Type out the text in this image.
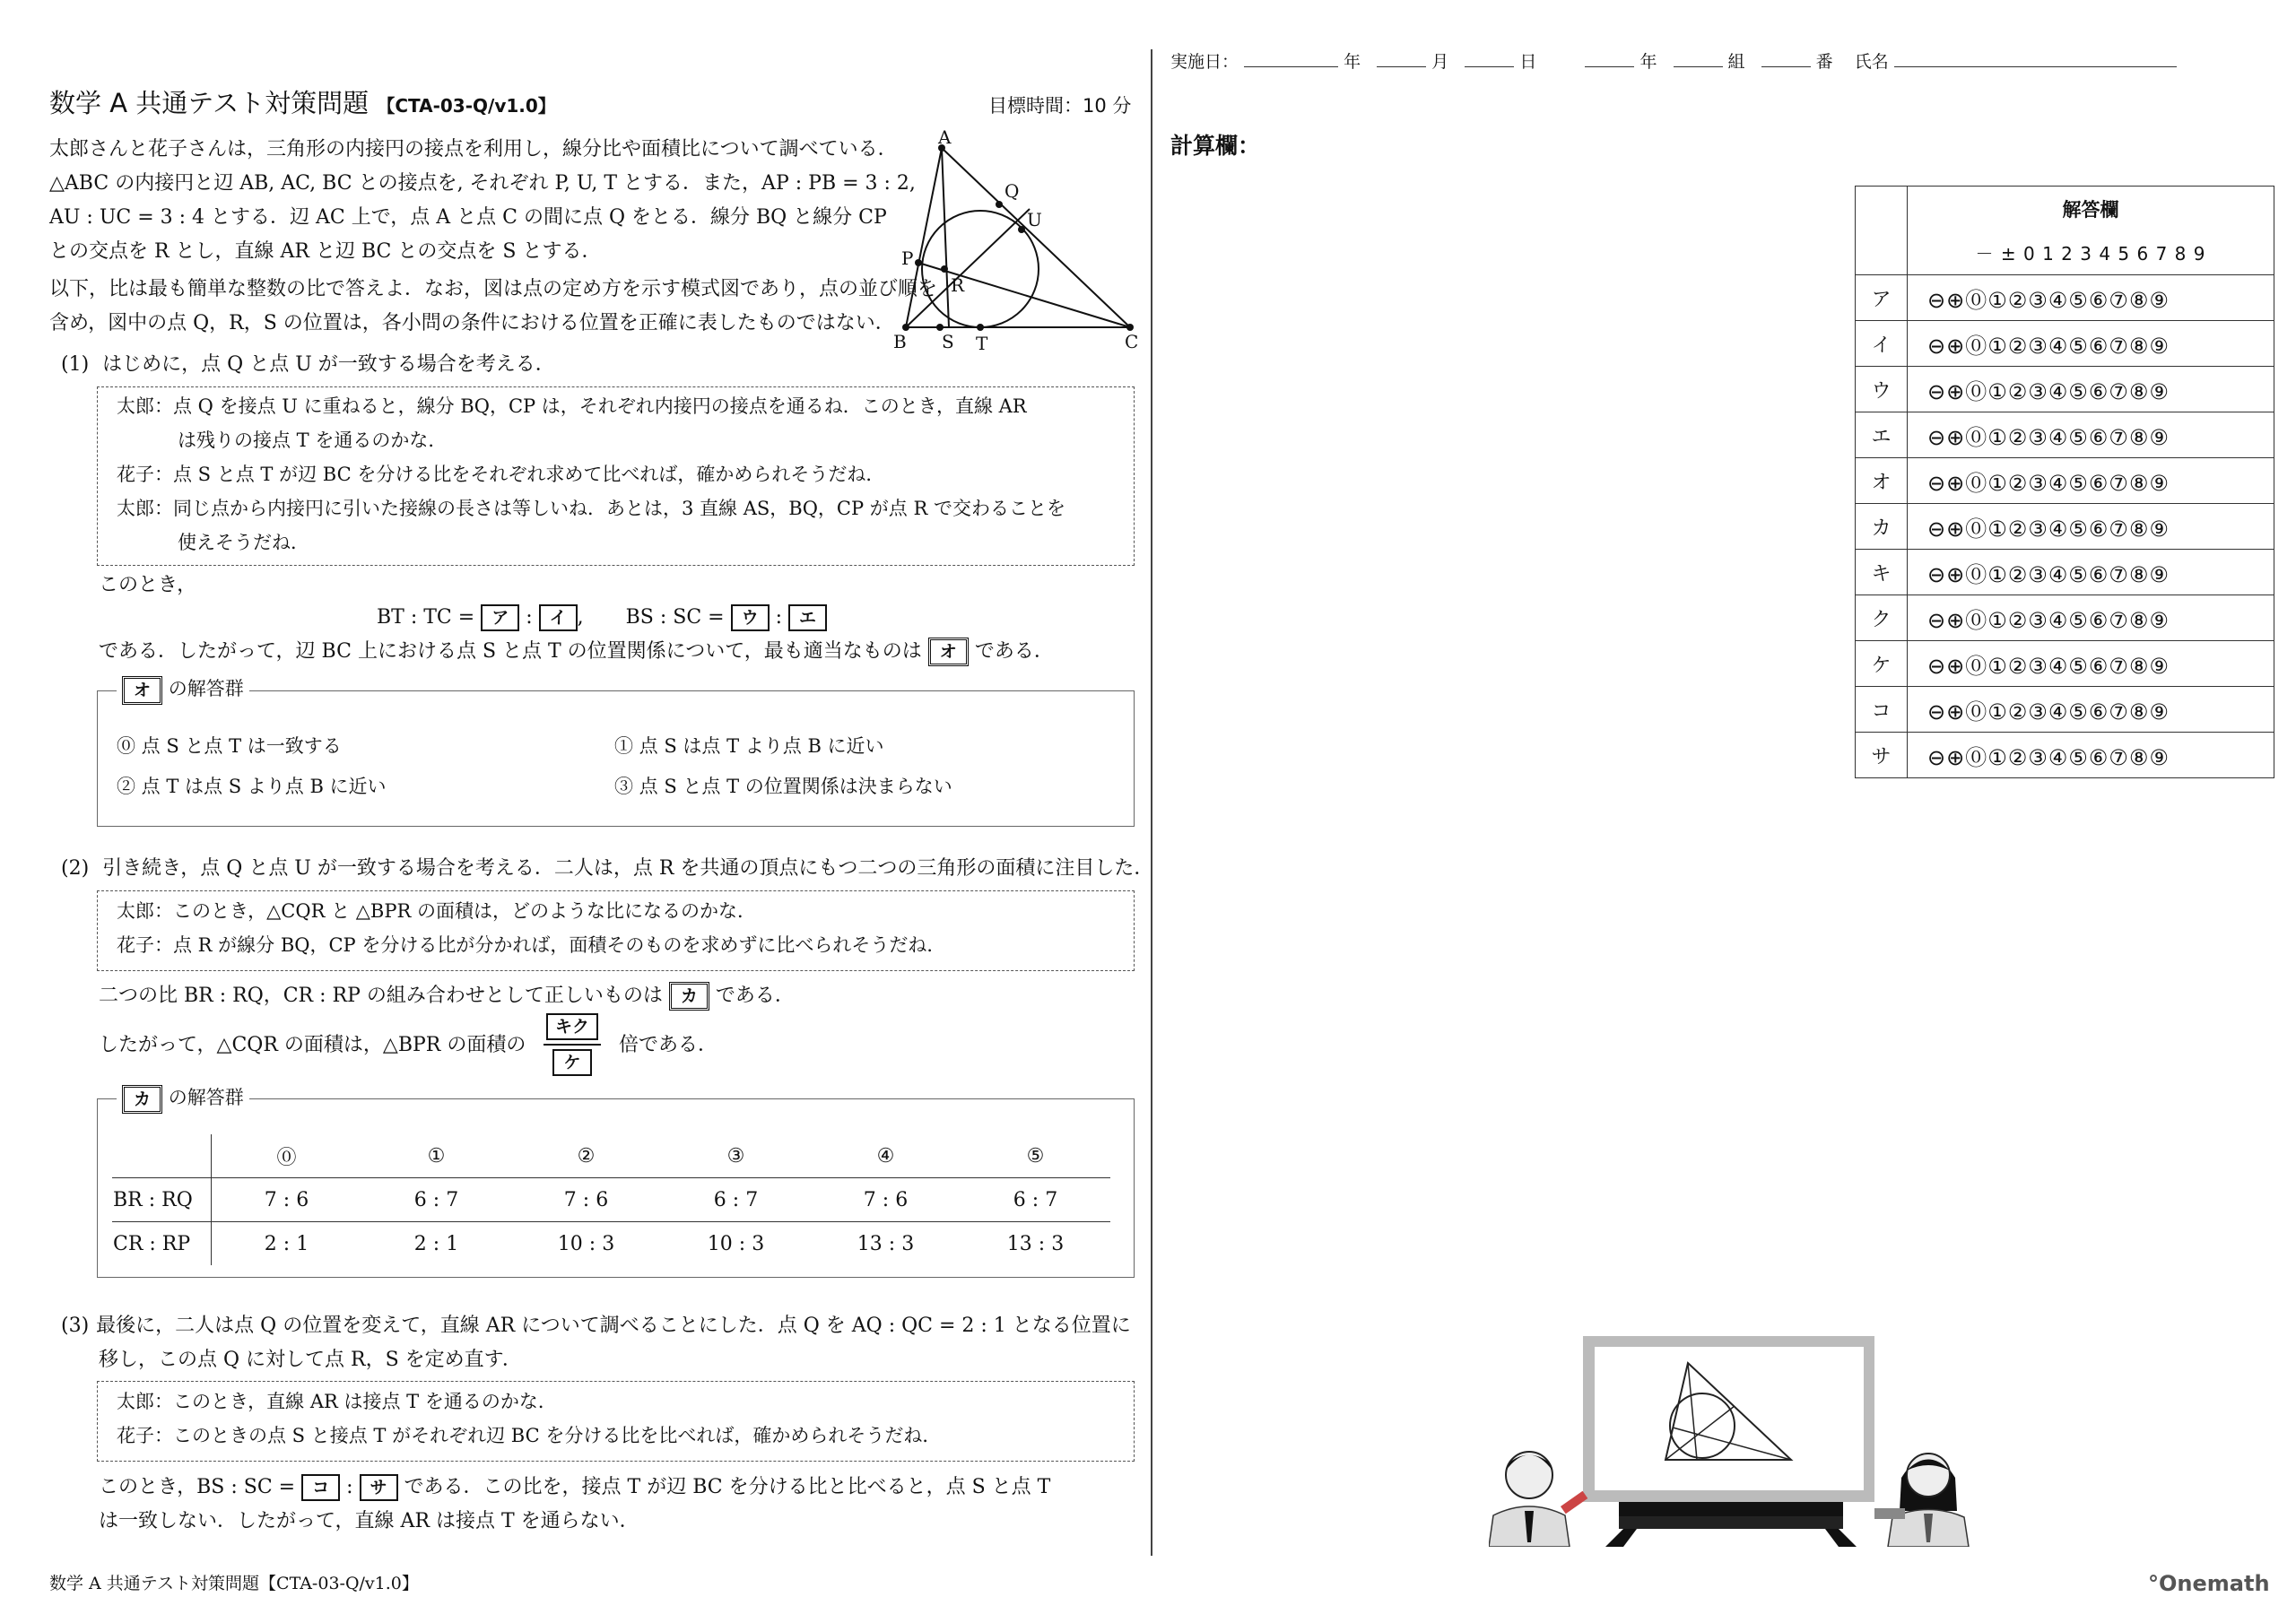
数学 A 共通テスト対策問題 【CTA-03-Q/v1.0】	目標時間：10 分
太郎さんと花子さんは，三角形の内接円の接点を利用し，線分比や面積比について調べている．
△ABC の内接円と辺 AB, AC, BC との接点を, それぞれ P, U, T とする．また，AP : PB = 3 : 2,
AU : UC = 3 : 4 とする．辺 AC 上で，点 A と点 C の間に点 Q をとる．線分 BQ と線分 CP
との交点を R とし，直線 AR と辺 BC との交点を S とする．
以下，比は最も簡単な整数の比で答えよ．なお，図は点の定め方を示す模式図であり，点の並び順を
含め，図中の点 Q，R，S の位置は，各小問の条件における位置を正確に表したものではない．
A
B	C
P
Q
U
R
S T
(1) はじめに，点 Q と点 U が一致する場合を考える．
太郎：点 Q を接点 U に重ねると，線分 BQ，CP は，それぞれ内接円の接点を通るね．このとき，直線 AR
は残りの接点 T を通るのかな．
花子：点 S と点 T が辺 BC を分ける比をそれぞれ求めて比べれば，確かめられそうだね．
太郎：同じ点から内接円に引いた接線の長さは等しいね．あとは，3 直線 AS，BQ，CP が点 R で交わることを
使えそうだね．
このとき，
BT : TC = ア : イ , BS : SC = ウ : エ
である．したがって，辺 BC 上における点 S と点 T の位置関係について，最も適当なものは オ である．
オ の解答群
⓪ 点 S と点 T は一致する	① 点 S は点 T より点 B に近い
② 点 T は点 S より点 B に近い	③ 点 S と点 T の位置関係は決まらない
(2) 引き続き，点 Q と点 U が一致する場合を考える．二人は，点 R を共通の頂点にもつ二つの三角形の面積に注目した．
太郎：このとき，△CQR と △BPR の面積は，どのような比になるのかな．
花子：点 R が線分 BQ，CP を分ける比が分かれば，面積そのものを求めずに比べられそうだね．
二つの比 BR : RQ，CR : RP の組み合わせとして正しいものは カ である．
したがって，△CQR の面積は，△BPR の面積の
キク
ケ
倍である．
カ の解答群
	⓪	①	②	③	④	⑤
BR : RQ	7 : 6	6 : 7	7 : 6	6 : 7	7 : 6	6 : 7
CR : RP	2 : 1	2 : 1	10 : 3	10 : 3	13 : 3	13 : 3
(3) 最後に，二人は点 Q の位置を変えて，直線 AR について調べることにした．点 Q を AQ : QC = 2 : 1 となる位置に
移し，この点 Q に対して点 R，S を定め直す．
太郎：このとき，直線 AR は接点 T を通るのかな．
花子：このときの点 S と接点 T がそれぞれ辺 BC を分ける比を比べれば，確かめられそうだね．
このとき，BS : SC = コ : サ である．この比を，接点 T が辺 BC を分ける比と比べると，点 S と点 T
は一致しない．したがって，直線 AR は接点 T を通らない．
数学 A 共通テスト対策問題【CTA-03-Q/v1.0】	°Onemath
実施日：	年	月	日	年	組	番 氏名
計算欄：
	解答欄
	－ ± 0 1 2 3 4 5 6 7 8 9
ア	⊖⊕⓪①②③④⑤⑥⑦⑧⑨
イ	⊖⊕⓪①②③④⑤⑥⑦⑧⑨
ウ	⊖⊕⓪①②③④⑤⑥⑦⑧⑨
エ	⊖⊕⓪①②③④⑤⑥⑦⑧⑨
オ	⊖⊕⓪①②③④⑤⑥⑦⑧⑨
カ	⊖⊕⓪①②③④⑤⑥⑦⑧⑨
キ	⊖⊕⓪①②③④⑤⑥⑦⑧⑨
ク	⊖⊕⓪①②③④⑤⑥⑦⑧⑨
ケ	⊖⊕⓪①②③④⑤⑥⑦⑧⑨
コ	⊖⊕⓪①②③④⑤⑥⑦⑧⑨
サ	⊖⊕⓪①②③④⑤⑥⑦⑧⑨
